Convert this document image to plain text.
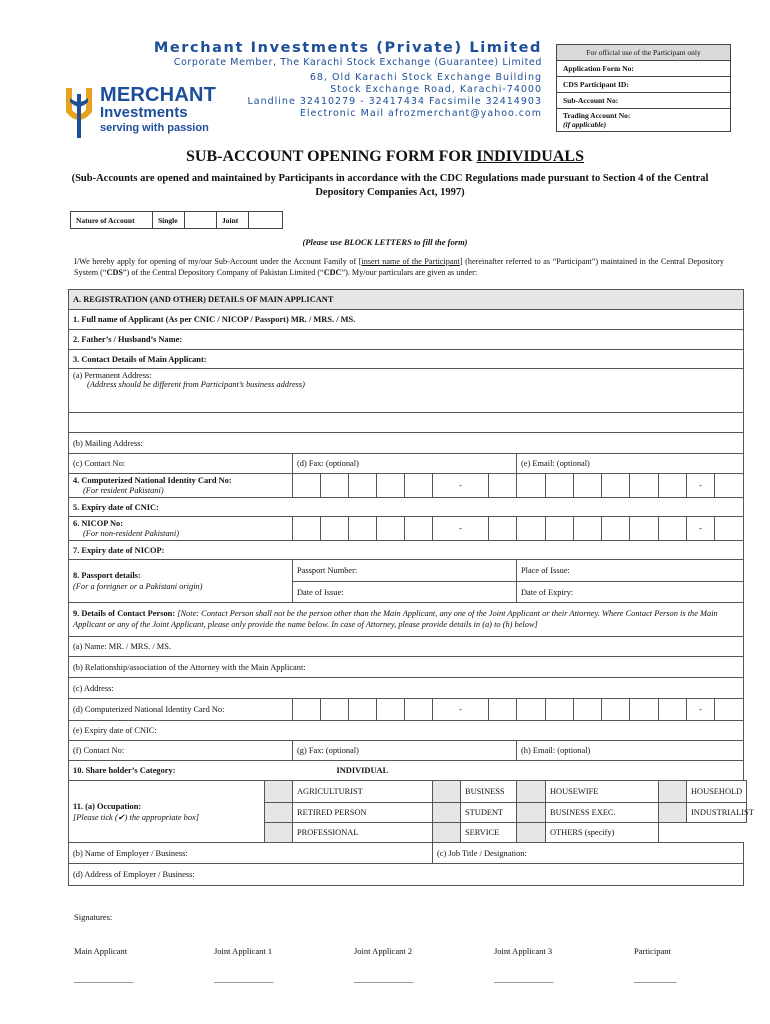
MERCHANT
Investments
serving with passion
Merchant Investments (Private) Limited
Corporate Member, The Karachi Stock Exchange (Guarantee) Limited
68, Old Karachi Stock Exchange Building
Stock Exchange Road, Karachi-74000
Landline 32410279 - 32417434 Facsimile 32414903
Electronic Mail afrozmerchant@yahoo.com
For official use of the Participant only
Application Form No:
CDS Participant ID:
Sub-Account No:
Trading Account No:
(if applicable)
SUB-ACCOUNT OPENING FORM FOR INDIVIDUALS
(Sub-Accounts are opened and maintained by Participants in accordance with the CDC Regulations made pursuant to Section 4 of the Central Depository Companies Act, 1997)
Nature of Account	Single		Joint	
(Please use BLOCK LETTERS to fill the form)
I/We hereby apply for opening of my/our Sub-Account under the Account Family of [insert name of the Participant] (hereinafter referred to as “Participant”) maintained in the Central Depository System (“CDS”) of the Central Depository Company of Pakistan Limited (“CDC”). My/our particulars are given as under:
A. REGISTRATION (AND OTHER) DETAILS OF MAIN APPLICANT																	
1. Full name of Applicant (As per CNIC / NICOP / Passport) MR. / MRS. / MS.																	
2. Father’s / Husband’s Name:																	
3. Contact Details of Main Applicant:																	

(a) Permanent Address:
(Address should be different from Participant’s business address)																	

(b) Mailing Address:																	
(c) Contact No:		(d) Fax: (optional)								(e) Email: (optional)							

4. Computerized National Identity Card No:
(For resident Pakistani)							-									-	
5. Expiry date of CNIC:																	

6. NICOP No:
(For non-resident Pakistani)							-									-	
7. Expiry date of NICOP:																	

8. Passport details:
(For a foreigner or a Pakistani origin)		Passport Number:								Place of Issue:							
		Date of Issue:								Date of Expiry:							
9. Details of Contact Person: [Note: Contact Person shall not be the person other than the Main Applicant, any one of the Joint Applicant or their Attorney. Where Contact Person is the Main Applicant or any of the Joint Applicant, please only provide the name below. In case of Attorney, please provide details in (a) to (h) below]																	
(a) Name: MR. / MRS. / MS.																	
(b) Relationship/association of the Attorney with the Main Applicant:																	
(c) Address:																	
(d) Computerized National Identity Card No:							-									-	
(e) Expiry date of CNIC:																	
(f) Contact No:		(g) Fax: (optional)								(h) Email: (optional)							
10. Share holder’s Category:		INDIVIDUAL															

11. (a) Occupation:
[Please tick (✔) the appropriate box]		AGRICULTURIST						BUSINESS			HOUSEWIFE					HOUSEHOLD	
		RETIRED PERSON						STUDENT			BUSINESS EXEC.					INDUSTRIALIST	
		PROFESSIONAL						SERVICE			OTHERS (specify)						
(b) Name of Employer / Business:							(c) Job Title / Designation:										
(d) Address of Employer / Business:																	
Signatures:
Main Applicant	Joint Applicant 1	Joint Applicant 2	Joint Applicant 3	Participant
______________	______________	______________	______________	__________
